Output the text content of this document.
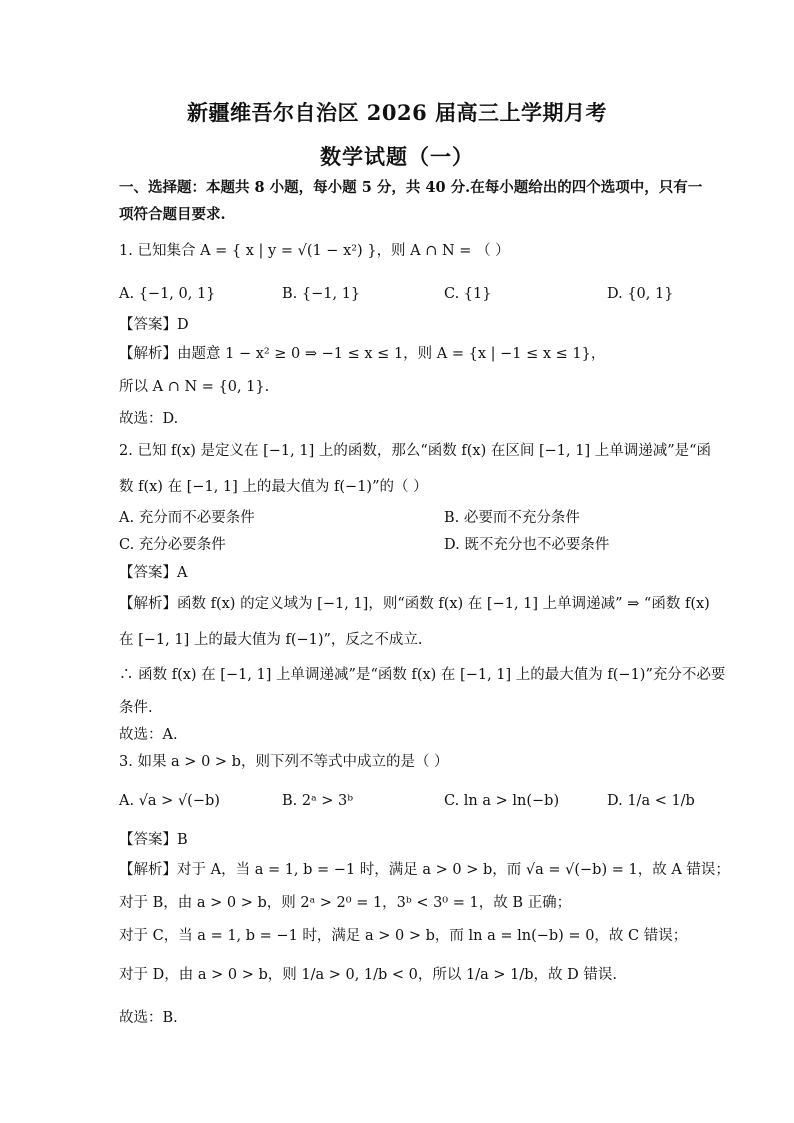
新疆维吾尔自治区 2026 届高三上学期月考
数学试题（一）
一、选择题：本题共 8 小题，每小题 5 分，共 40 分.在每小题给出的四个选项中，只有一
项符合题目要求.
1. 已知集合 A = { x | y = √(1 − x²) }，则 A ∩ N = （ ）
A. {−1, 0, 1}	B. {−1, 1}	C. {1}	D. {0, 1}
【答案】D
【解析】由题意 1 − x² ≥ 0 ⇒ −1 ≤ x ≤ 1，则 A = {x | −1 ≤ x ≤ 1}，
所以 A ∩ N = {0, 1}.
故选：D.
2. 已知 f(x) 是定义在 [−1, 1] 上的函数，那么“函数 f(x) 在区间 [−1, 1] 上单调递减”是“函
数 f(x) 在 [−1, 1] 上的最大值为 f(−1)”的（ ）
A. 充分而不必要条件	B. 必要而不充分条件
C. 充分必要条件	D. 既不充分也不必要条件
【答案】A
【解析】函数 f(x) 的定义域为 [−1, 1]，则“函数 f(x) 在 [−1, 1] 上单调递减” ⇒ “函数 f(x)
在 [−1, 1] 上的最大值为 f(−1)”，反之不成立.
∴ 函数 f(x) 在 [−1, 1] 上单调递减”是“函数 f(x) 在 [−1, 1] 上的最大值为 f(−1)”充分不必要
条件.
故选：A.
3. 如果 a > 0 > b，则下列不等式中成立的是（ ）
A. √a > √(−b)	B. 2ᵃ > 3ᵇ	C. ln a > ln(−b)	D. 1/a < 1/b
【答案】B
【解析】对于 A，当 a = 1, b = −1 时，满足 a > 0 > b，而 √a = √(−b) = 1，故 A 错误；
对于 B，由 a > 0 > b，则 2ᵃ > 2⁰ = 1，3ᵇ < 3⁰ = 1，故 B 正确；
对于 C，当 a = 1, b = −1 时，满足 a > 0 > b，而 ln a = ln(−b) = 0，故 C 错误；
对于 D，由 a > 0 > b，则 1/a > 0, 1/b < 0，所以 1/a > 1/b，故 D 错误.
故选：B.
